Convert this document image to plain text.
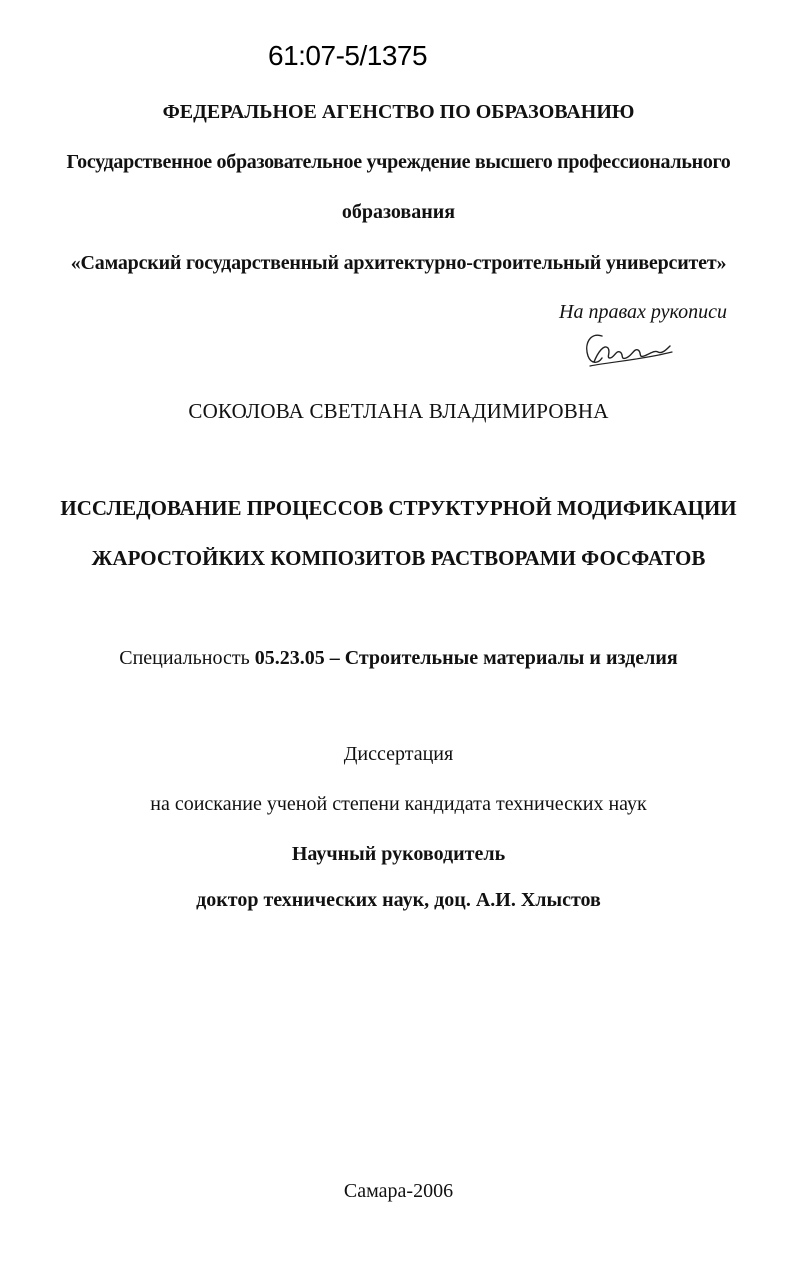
61:07-5/1375
ФЕДЕРАЛЬНОЕ АГЕНСТВО ПО ОБРАЗОВАНИЮ
Государственное образовательное учреждение высшего профессионального
образования
«Самарский государственный архитектурно-строительный университет»
На правах рукописи
СОКОЛОВА СВЕТЛАНА ВЛАДИМИРОВНА
ИССЛЕДОВАНИЕ ПРОЦЕССОВ СТРУКТУРНОЙ МОДИФИКАЦИИ
ЖАРОСТОЙКИХ КОМПОЗИТОВ РАСТВОРАМИ ФОСФАТОВ
Специальность 05.23.05 – Строительные материалы и изделия
Диссертация
на соискание ученой степени кандидата технических наук
Научный руководитель
доктор технических наук, доц. А.И. Хлыстов
Самара-2006
